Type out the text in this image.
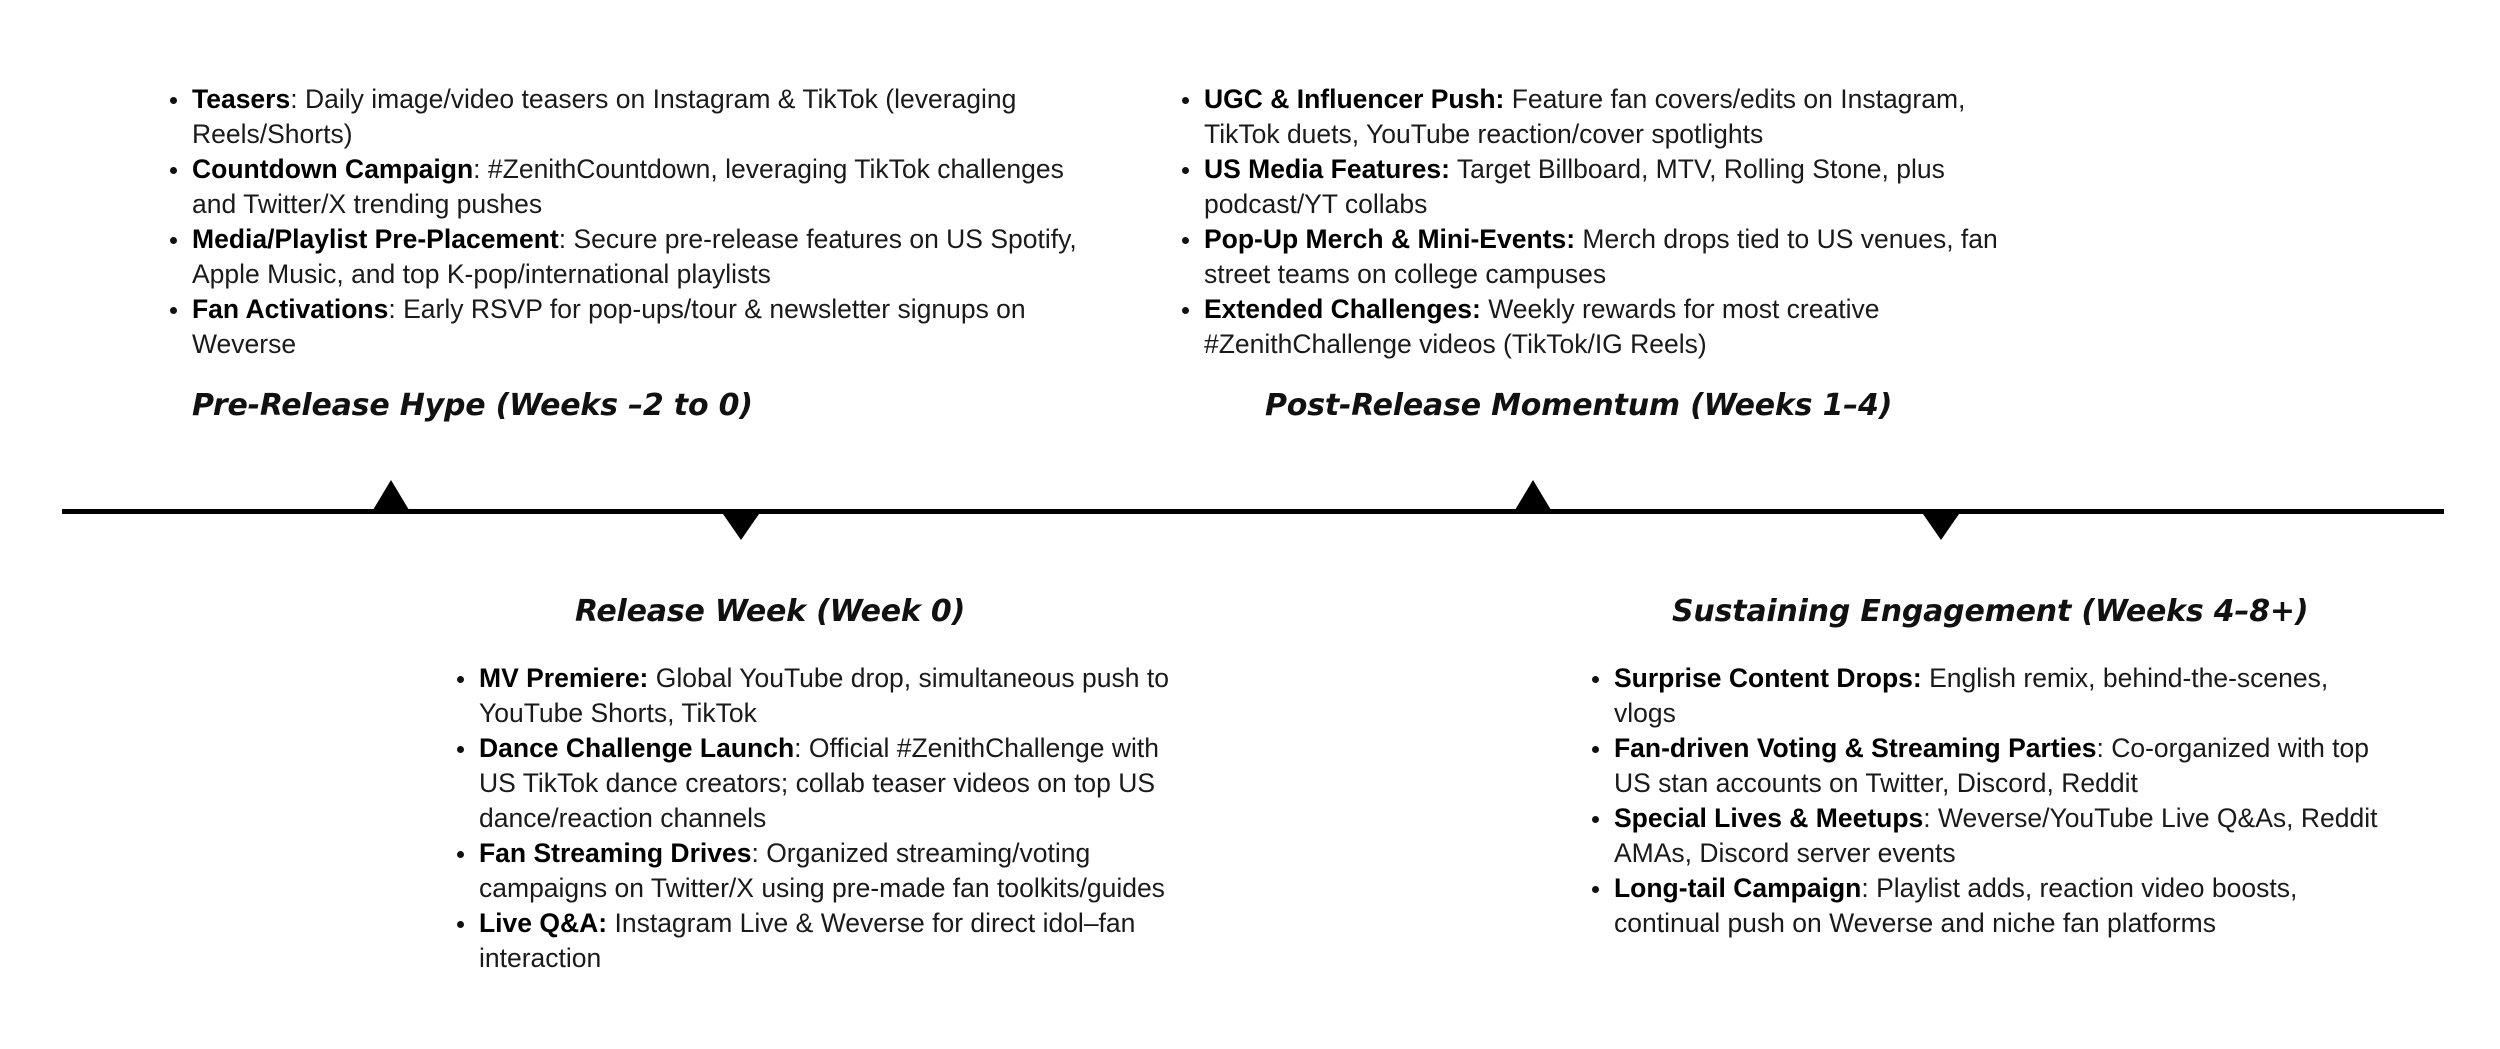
Teasers: Daily image/video teasers on Instagram & TikTok (leveraging Reels/Shorts)
Countdown Campaign: #ZenithCountdown, leveraging TikTok challenges and Twitter/X trending pushes
Media/Playlist Pre-Placement: Secure pre-release features on US Spotify, Apple Music, and top K-pop/international playlists
Fan Activations: Early RSVP for pop-ups/tour & newsletter signups on Weverse
Pre-Release Hype (Weeks –2 to 0)
UGC & Influencer Push: Feature fan covers/edits on Instagram, TikTok duets, YouTube reaction/cover spotlights
US Media Features: Target Billboard, MTV, Rolling Stone, plus podcast/YT collabs
Pop-Up Merch & Mini-Events: Merch drops tied to US venues, fan street teams on college campuses
Extended Challenges: Weekly rewards for most creative #ZenithChallenge videos (TikTok/IG Reels)
Post-Release Momentum (Weeks 1–4)
Release Week (Week 0)
MV Premiere: Global YouTube drop, simultaneous push to YouTube Shorts, TikTok
Dance Challenge Launch: Official #ZenithChallenge with US TikTok dance creators; collab teaser videos on top US dance/reaction channels
Fan Streaming Drives: Organized streaming/voting campaigns on Twitter/X using pre-made fan toolkits/guides
Live Q&A: Instagram Live & Weverse for direct idol–fan interaction
Sustaining Engagement (Weeks 4–8+)
Surprise Content Drops: English remix, behind-the-scenes, vlogs
Fan-driven Voting & Streaming Parties: Co-organized with top US stan accounts on Twitter, Discord, Reddit
Special Lives & Meetups: Weverse/YouTube Live Q&As, Reddit AMAs, Discord server events
Long-tail Campaign: Playlist adds, reaction video boosts, continual push on Weverse and niche fan platforms
